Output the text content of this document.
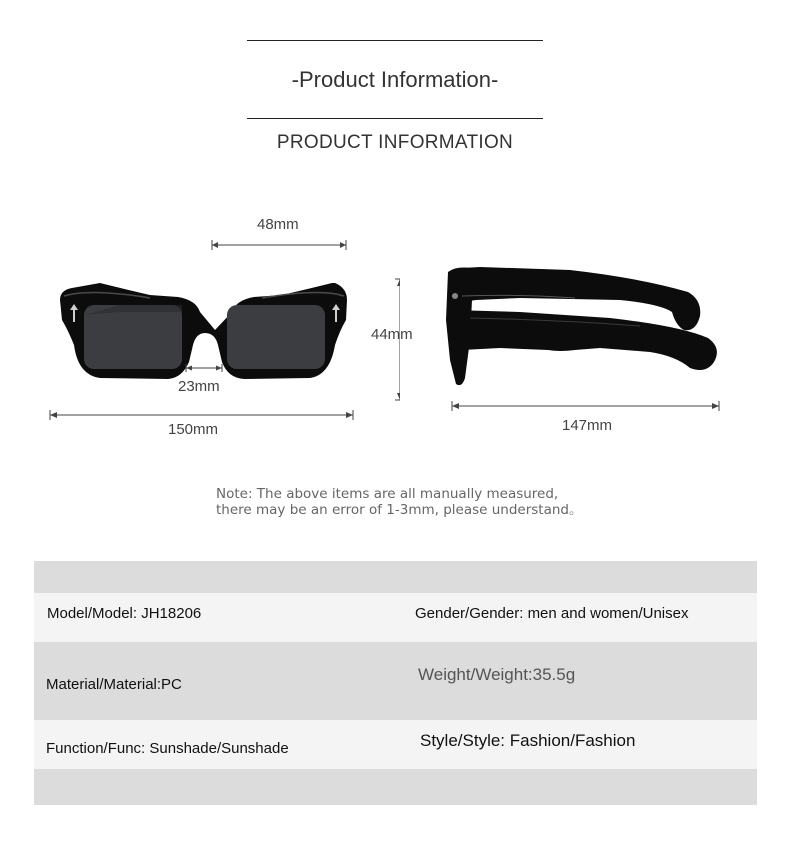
-Product Information-
PRODUCT INFORMATION
48mm
23mm
150mm
44mm
147mm
Note: The above items are all manually measured,
there may be an error of 1-3mm, please understand。
Model/Model: JH18206	Gender/Gender: men and women/Unisex
Material/Material:PC
Weight/Weight:35.5g
Function/Func: Sunshade/Sunshade	Style/Style: Fashion/Fashion
